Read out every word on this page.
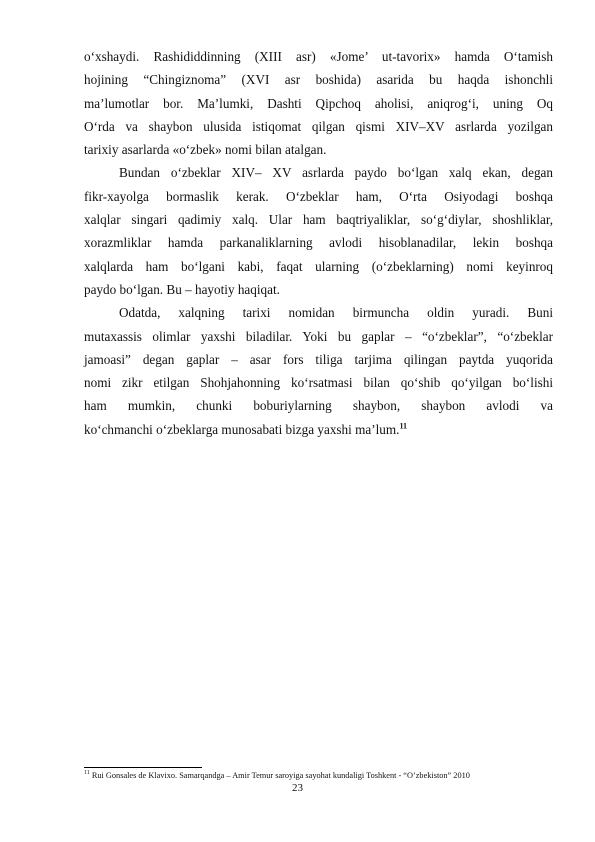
o‘xshaydi. Rashididdinning (XIII asr) «Jome’ ut-tavorix» hamda O‘tamish
hojining “Chingiznoma” (XVI asr boshida) asarida bu haqda ishonchli
ma’lumotlar bor. Ma’lumki, Dashti Qipchoq aholisi, aniqrog‘i, uning Oq
O‘rda va shaybon ulusida istiqomat qilgan qismi XIV–XV asrlarda yozilgan
tarixiy asarlarda «o‘zbek» nomi bilan atalgan.
Bundan o‘zbeklar XIV– XV asrlarda paydo bo‘lgan xalq ekan, degan
fikr-xayolga bormaslik kerak. O‘zbeklar ham, O‘rta Osiyodagi boshqa
xalqlar singari qadimiy xalq. Ular ham baqtriyaliklar, so‘g‘diylar, shoshliklar,
xorazmliklar hamda parkanaliklarning avlodi hisoblanadilar, lekin boshqa
xalqlarda ham bo‘lgani kabi, faqat ularning (o‘zbeklarning) nomi keyinroq
paydo bo‘lgan. Bu – hayotiy haqiqat.
Odatda, xalqning tarixi nomidan birmuncha oldin yuradi. Buni
mutaxassis olimlar yaxshi biladilar. Yoki bu gaplar – “o‘zbeklar”, “o‘zbeklar
jamoasi” degan gaplar – asar fors tiliga tarjima qilingan paytda yuqorida
nomi zikr etilgan Shohjahonning ko‘rsatmasi bilan qo‘shib qo‘yilgan bo‘lishi
ham mumkin, chunki boburiylarning shaybon, shaybon avlodi va
ko‘chmanchi o‘zbeklarga munosabati bizga yaxshi ma’lum.$^{11}$
$^{11}$ Rui Gonsales de Klavixo. Samarqandga – Amir Temur saroyiga sayohat kundaligi Toshkent - “O’zbekiston” 2010
23
